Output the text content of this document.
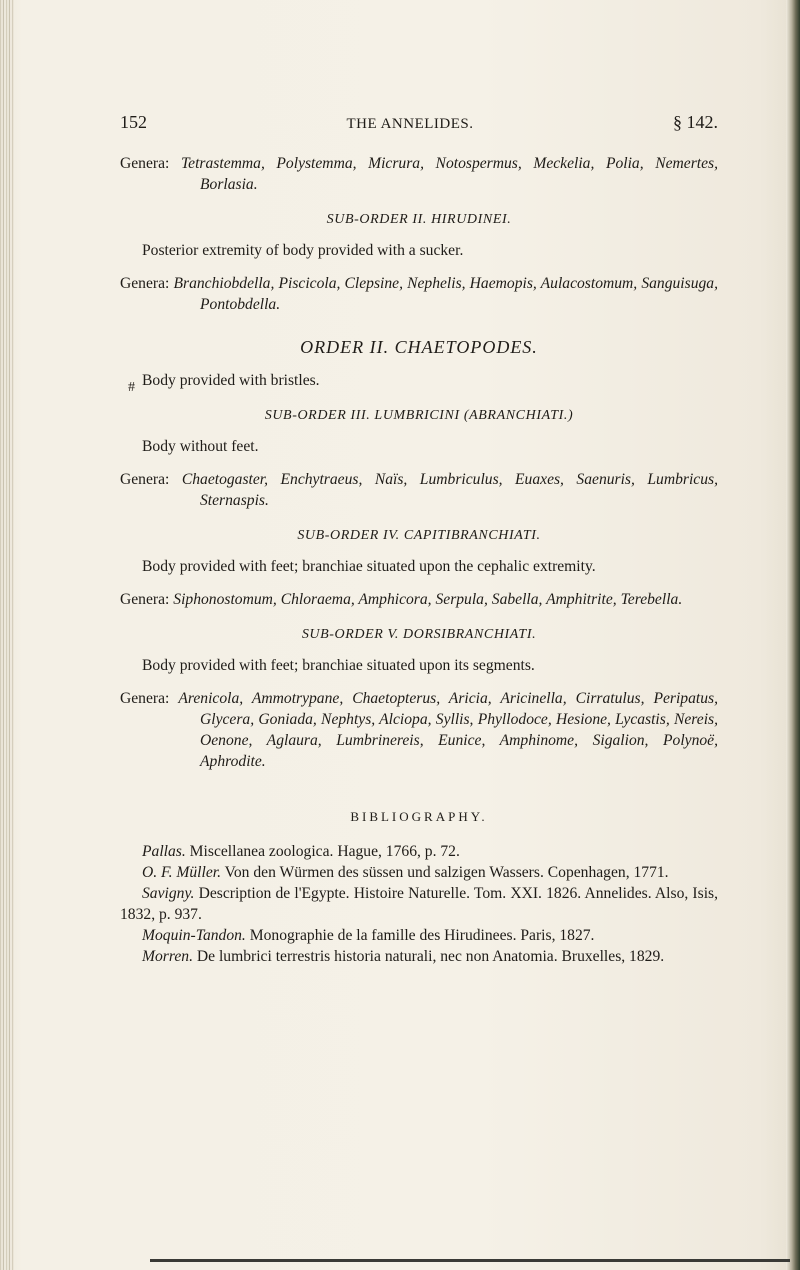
#
152	THE ANNELIDES.	§ 142.

Genera: Tetrastemma, Polystemma, Micrura, Notospermus, Meckelia, Polia, Nemertes, Borlasia.

SUB-ORDER II. HIRUDINEI.

Posterior extremity of body provided with a sucker.

Genera: Branchiobdella, Piscicola, Clepsine, Nephelis, Haemopis, Aulacostomum, Sanguisuga, Pontobdella.

ORDER II. CHAETOPODES.

Body provided with bristles.

SUB-ORDER III. LUMBRICINI (ABRANCHIATI.)

Body without feet.

Genera: Chaetogaster, Enchytraeus, Naïs, Lumbriculus, Euaxes, Saenuris, Lumbricus, Sternaspis.

SUB-ORDER IV. CAPITIBRANCHIATI.

Body provided with feet; branchiae situated upon the cephalic extremity.

Genera: Siphonostomum, Chloraema, Amphicora, Serpula, Sabella, Amphitrite, Terebella.

SUB-ORDER V. DORSIBRANCHIATI.

Body provided with feet; branchiae situated upon its segments.

Genera: Arenicola, Ammotrypane, Chaetopterus, Aricia, Aricinella, Cirratulus, Peripatus, Glycera, Goniada, Nephtys, Alciopa, Syllis, Phyllodoce, Hesione, Lycastis, Nereis, Oenone, Aglaura, Lumbrinereis, Eunice, Amphinome, Sigalion, Polynoë, Aphrodite.

BIBLIOGRAPHY.

Pallas. Miscellanea zoologica. Hague, 1766, p. 72.

O. F. Müller. Von den Würmen des süssen und salzigen Wassers. Copenhagen, 1771.

Savigny. Description de l'Egypte. Histoire Naturelle. Tom. XXI. 1826. Annelides. Also, Isis, 1832, p. 937.

Moquin-Tandon. Monographie de la famille des Hirudinees. Paris, 1827.

Morren. De lumbrici terrestris historia naturali, nec non Anatomia. Bruxelles, 1829.
